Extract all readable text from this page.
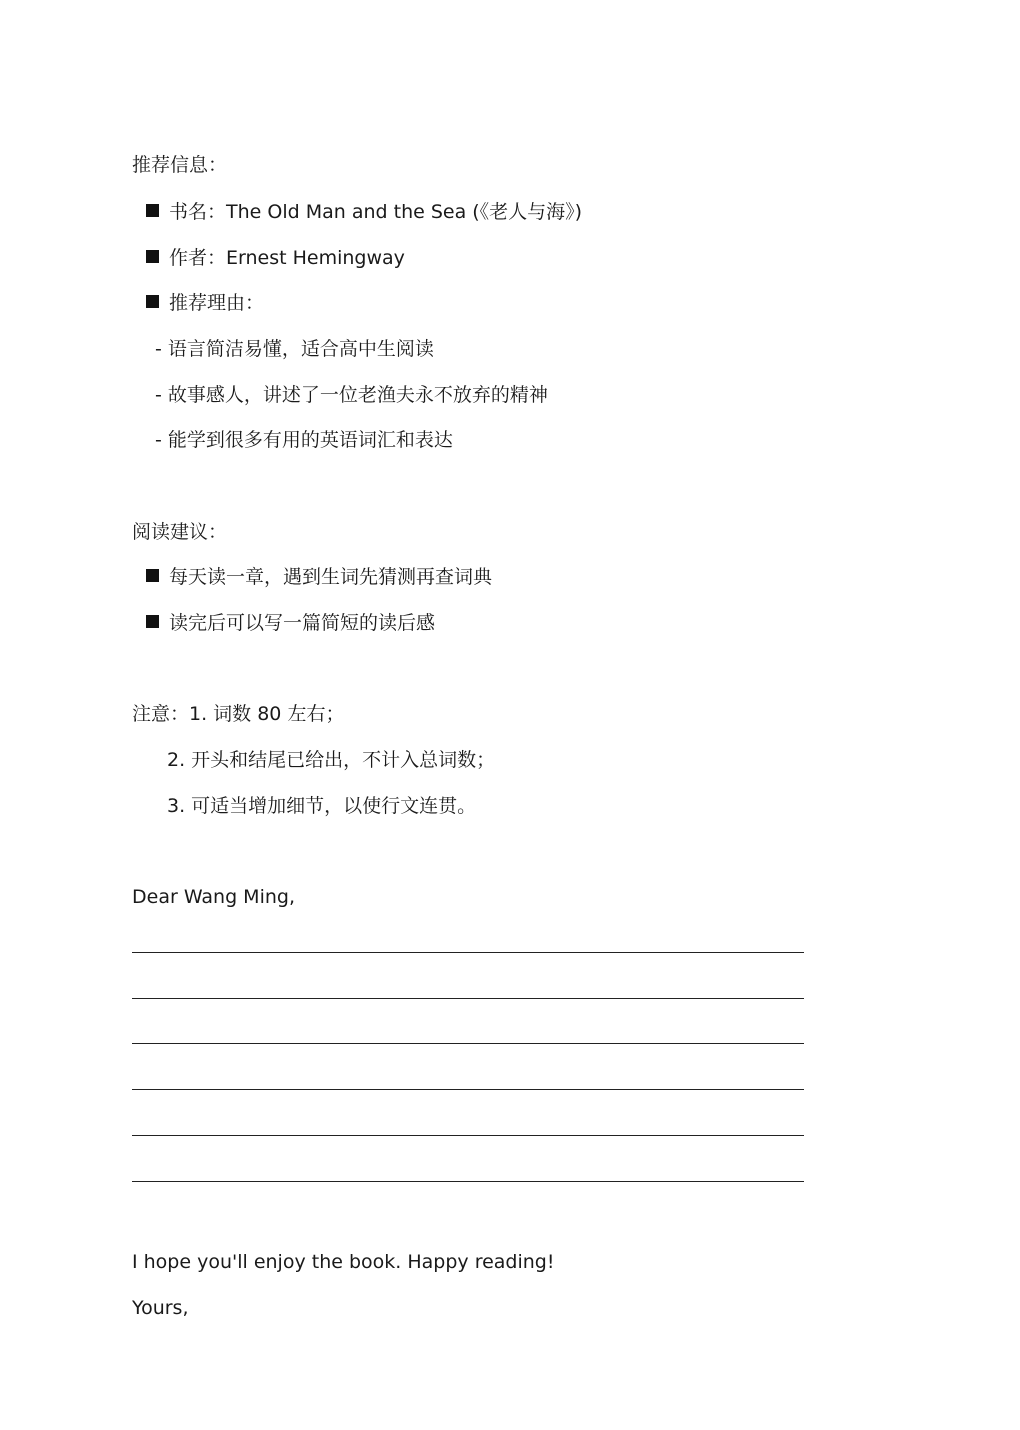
推荐信息：
书名：The Old Man and the Sea (《老人与海》)
作者：Ernest Hemingway
推荐理由：
- 语言简洁易懂，适合高中生阅读
- 故事感人，讲述了一位老渔夫永不放弃的精神
- 能学到很多有用的英语词汇和表达
阅读建议：
每天读一章，遇到生词先猜测再查词典
读完后可以写一篇简短的读后感
注意：1. 词数 80 左右；
2. 开头和结尾已给出，不计入总词数；
3. 可适当增加细节，以使行文连贯。
Dear Wang Ming,
I hope you'll enjoy the book. Happy reading!
Yours,
